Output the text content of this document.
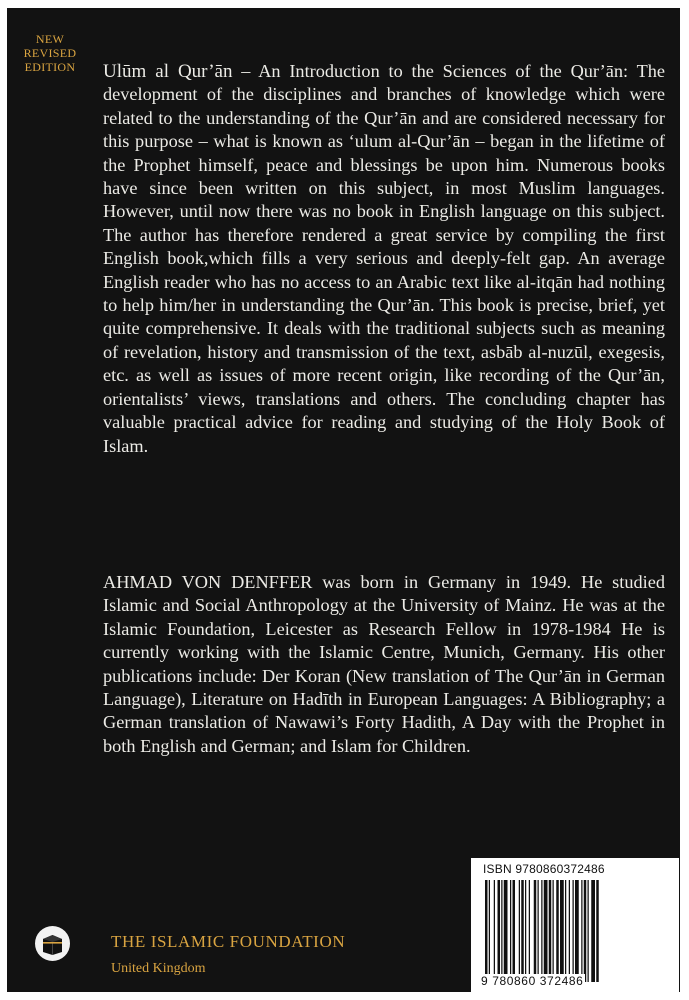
NEW
REVISED
EDITION	Ulūm al Qur’ān – An Introduction to the Sciences of the Qur’ān: The development of the disciplines and branches of knowledge which were related to the understanding of the Qur’ān and are considered necessary for this purpose – what is known as ‘ulum al-Qur’ān – began in the lifetime of the Prophet himself, peace and blessings be upon him. Numerous books have since been written on this subject, in most Muslim languages. However, until now there was no book in English language on this subject. The author has therefore rendered a great service by compiling the first English book,which fills a very serious and deeply-felt gap. An average English reader who has no access to an Arabic text like al-itqān had nothing to help him/her in understanding the Qur’ān. This book is precise, brief, yet quite comprehensive. It deals with the traditional subjects such as meaning of revelation, history and transmission of the text, asbāb al-nuzūl, exegesis, etc. as well as issues of more recent origin, like recording of the Qur’ān, orientalists’ views, translations and others. The concluding chapter has valuable practical advice for reading and studying of the Holy Book of Islam.

AHMAD VON DENFFER was born in Germany in 1949. He studied Islamic and Social Anthropology at the University of Mainz. He was at the Islamic Foundation, Leicester as Research Fellow in 1978-1984 He is currently working with the Islamic Centre, Munich, Germany. His other publications include: Der Koran (New translation of The Qur’ān in German Language), Literature on Hadīth in European Languages: A Bibliography; a German translation of Nawawi’s Forty Hadith, A Day with the Prophet in both English and German; and Islam for Children.

THE ISLAMIC FOUNDATION
United Kingdom
ISBN 9780860372486
9 780860 372486
